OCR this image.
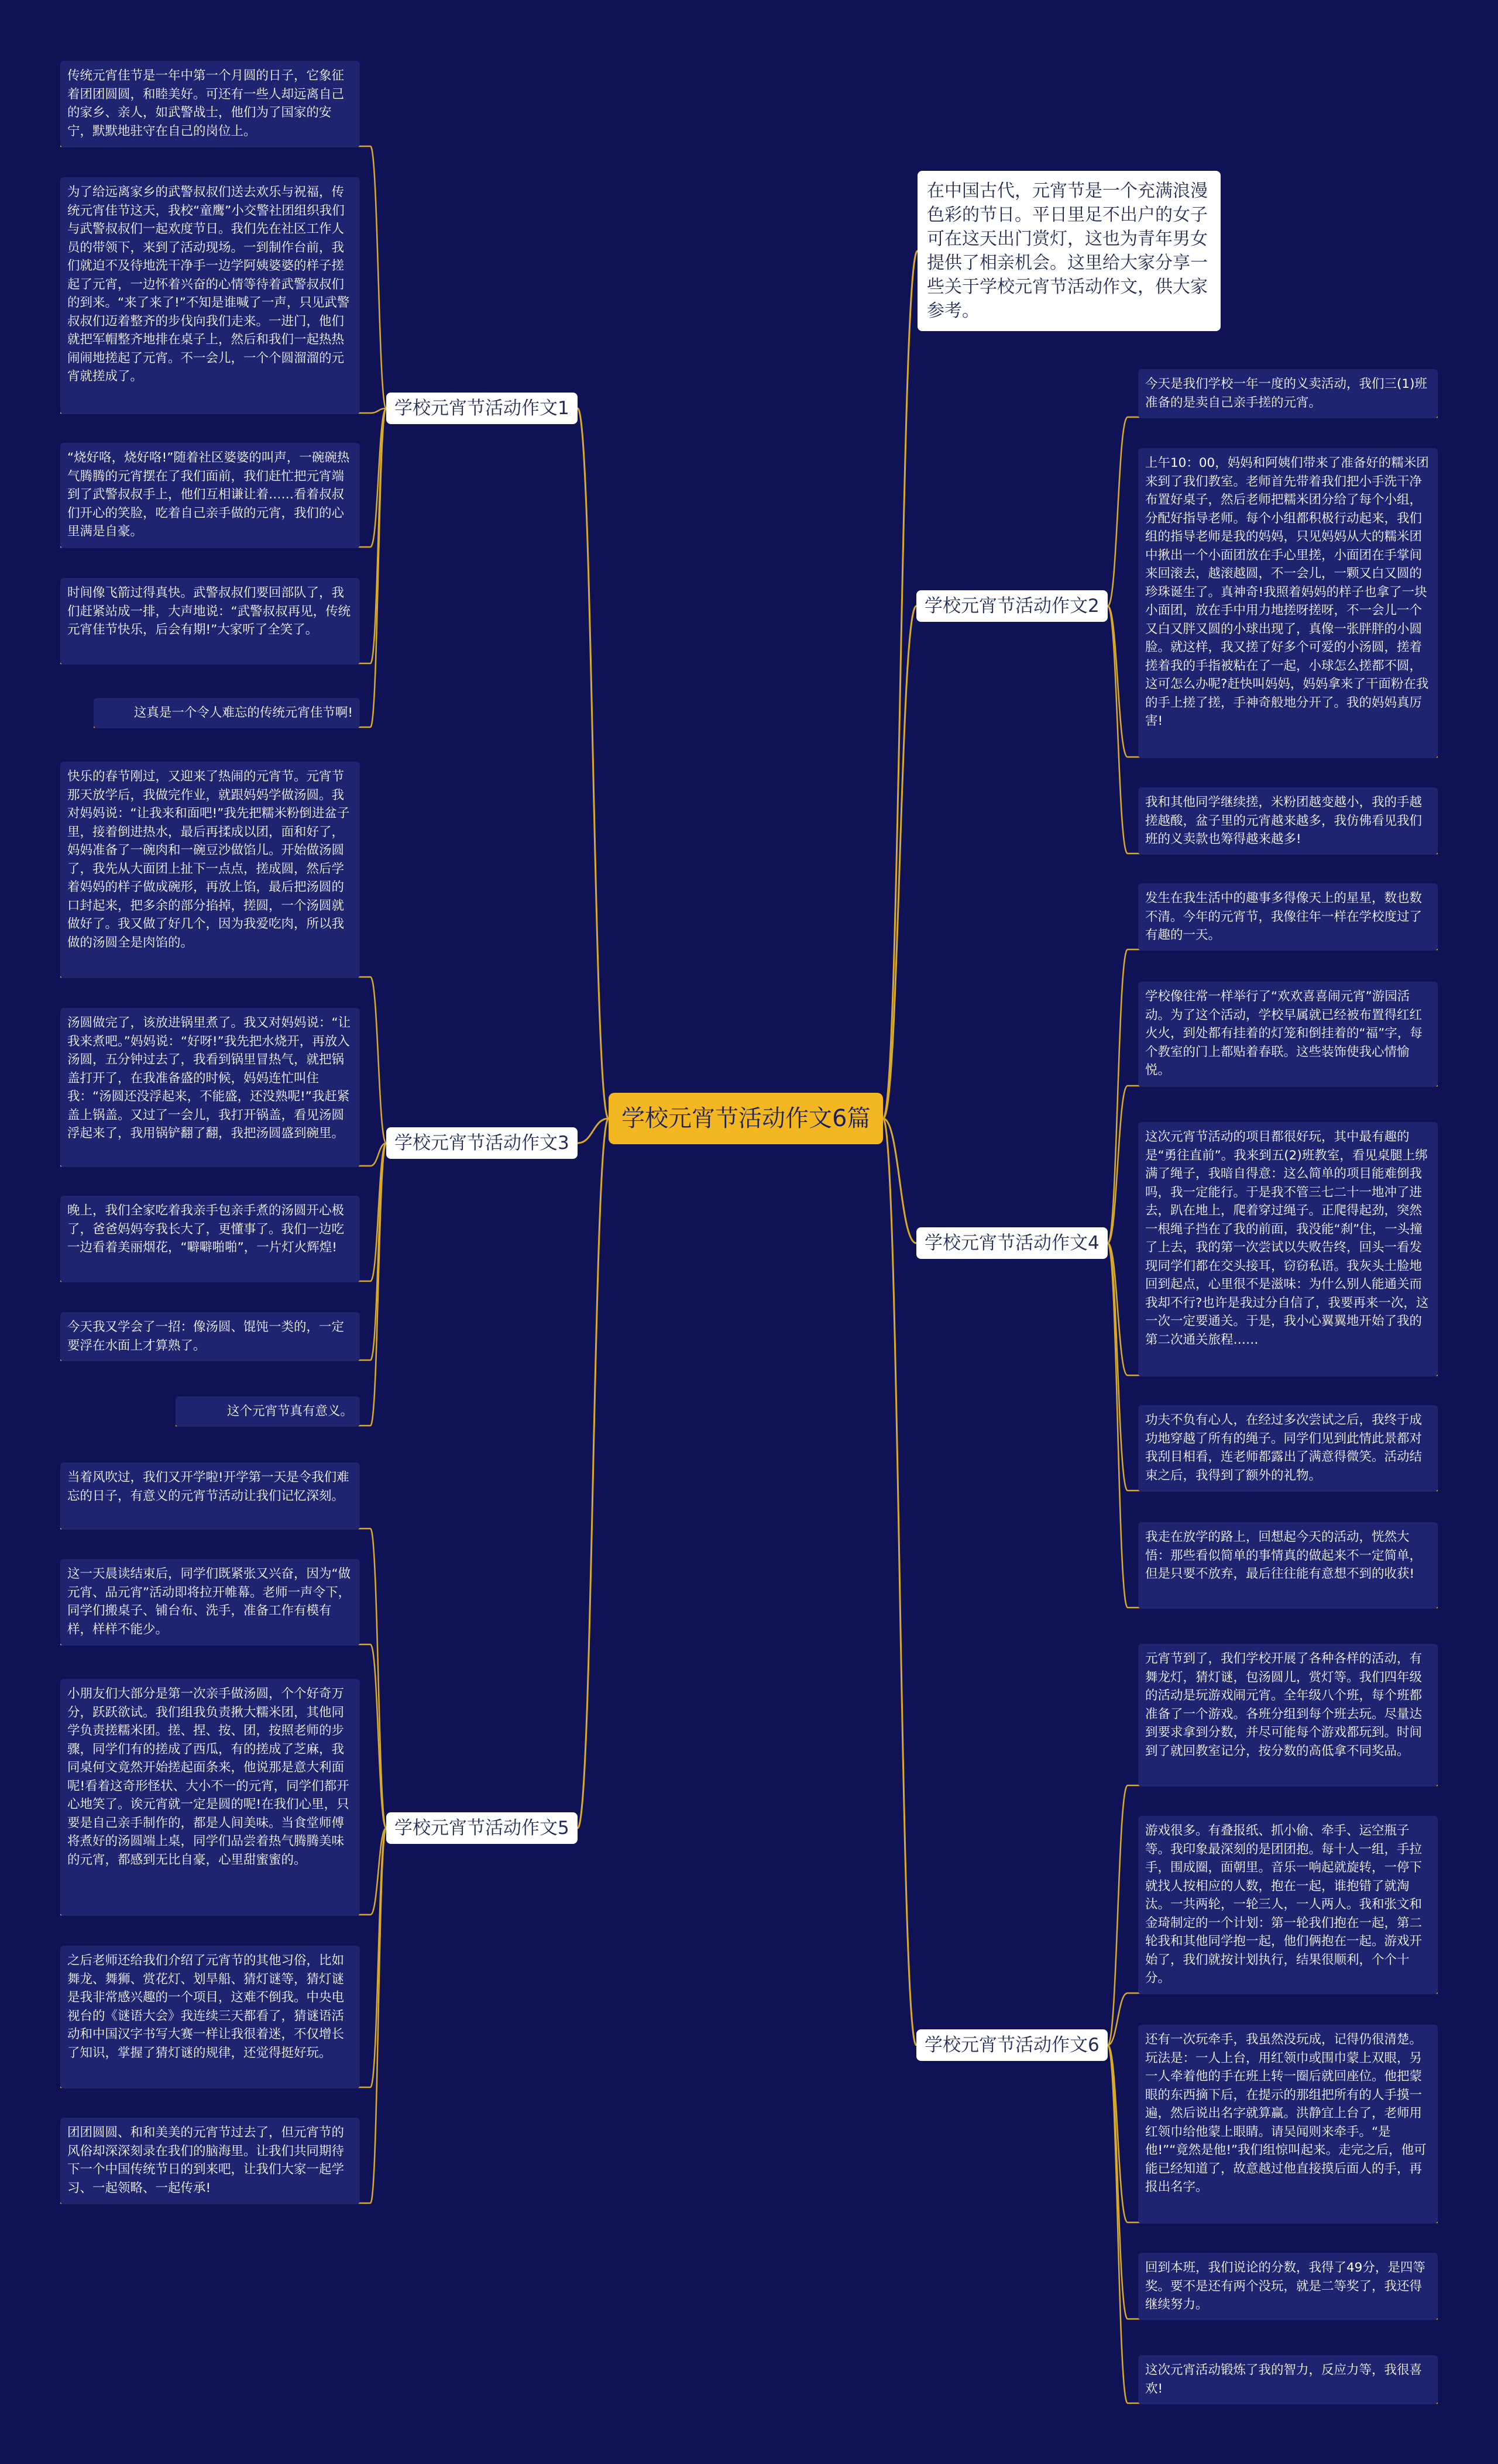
学校元宵节活动作文6篇
在中国古代，元宵节是一个充满浪漫色彩的节日。平日里足不出户的女子可在这天出门赏灯，这也为青年男女提供了相亲机会。这里给大家分享一些关于学校元宵节活动作文，供大家参考。
学校元宵节活动作文1
学校元宵节活动作文2
学校元宵节活动作文3
学校元宵节活动作文4
学校元宵节活动作文5
学校元宵节活动作文6
传统元宵佳节是一年中第一个月圆的日子，它象征着团团圆圆，和睦美好。可还有一些人却远离自己的家乡、亲人，如武警战士，他们为了国家的安宁，默默地驻守在自己的岗位上。
为了给远离家乡的武警叔叔们送去欢乐与祝福，传统元宵佳节这天，我校“童鹰”小交警社团组织我们与武警叔叔们一起欢度节日。我们先在社区工作人员的带领下，来到了活动现场。一到制作台前，我们就迫不及待地洗干净手一边学阿姨婆婆的样子搓起了元宵，一边怀着兴奋的心情等待着武警叔叔们的到来。“来了来了!”不知是谁喊了一声，只见武警叔叔们迈着整齐的步伐向我们走来。一进门，他们就把军帽整齐地排在桌子上，然后和我们一起热热闹闹地搓起了元宵。不一会儿，一个个圆溜溜的元宵就搓成了。
“烧好咯，烧好咯!”随着社区婆婆的叫声，一碗碗热气腾腾的元宵摆在了我们面前，我们赶忙把元宵端到了武警叔叔手上，他们互相谦让着……看着叔叔们开心的笑脸，吃着自己亲手做的元宵，我们的心里满是自豪。
时间像飞箭过得真快。武警叔叔们要回部队了，我们赶紧站成一排，大声地说：“武警叔叔再见，传统元宵佳节快乐，后会有期!”大家听了全笑了。
这真是一个令人难忘的传统元宵佳节啊!
今天是我们学校一年一度的义卖活动，我们三(1)班准备的是卖自己亲手搓的元宵。
上午10：00，妈妈和阿姨们带来了准备好的糯米团来到了我们教室。老师首先带着我们把小手洗干净布置好桌子，然后老师把糯米团分给了每个小组，分配好指导老师。每个小组都积极行动起来，我们组的指导老师是我的妈妈，只见妈妈从大的糯米团中揪出一个小面团放在手心里搓，小面团在手掌间来回滚去，越滚越圆，不一会儿，一颗又白又圆的珍珠诞生了。真神奇!我照着妈妈的样子也拿了一块小面团，放在手中用力地搓呀搓呀，不一会儿一个又白又胖又圆的小球出现了，真像一张胖胖的小圆脸。就这样，我又搓了好多个可爱的小汤圆，搓着搓着我的手指被粘在了一起，小球怎么搓都不圆，这可怎么办呢?赶快叫妈妈，妈妈拿来了干面粉在我的手上搓了搓，手神奇般地分开了。我的妈妈真厉害!
我和其他同学继续搓，米粉团越变越小，我的手越搓越酸，盆子里的元宵越来越多，我仿佛看见我们班的义卖款也筹得越来越多!
快乐的春节刚过，又迎来了热闹的元宵节。元宵节那天放学后，我做完作业，就跟妈妈学做汤圆。我对妈妈说：“让我来和面吧!”我先把糯米粉倒进盆子里，接着倒进热水，最后再揉成以团，面和好了，妈妈准备了一碗肉和一碗豆沙做馅儿。开始做汤圆了，我先从大面团上扯下一点点，搓成圆，然后学着妈妈的样子做成碗形，再放上馅，最后把汤圆的口封起来，把多余的部分掐掉，搓圆，一个汤圆就做好了。我又做了好几个，因为我爱吃肉，所以我做的汤圆全是肉馅的。
汤圆做完了，该放进锅里煮了。我又对妈妈说：“让我来煮吧。”妈妈说：“好呀!”我先把水烧开，再放入汤圆，五分钟过去了，我看到锅里冒热气，就把锅盖打开了，在我准备盛的时候，妈妈连忙叫住我：“汤圆还没浮起来，不能盛，还没熟呢!”我赶紧盖上锅盖。又过了一会儿，我打开锅盖，看见汤圆浮起来了，我用锅铲翻了翻，我把汤圆盛到碗里。
晚上，我们全家吃着我亲手包亲手煮的汤圆开心极了，爸爸妈妈夸我长大了，更懂事了。我们一边吃一边看着美丽烟花，“噼噼啪啪”，一片灯火辉煌!
今天我又学会了一招：像汤圆、馄饨一类的，一定要浮在水面上才算熟了。
这个元宵节真有意义。
发生在我生活中的趣事多得像天上的星星，数也数不清。今年的元宵节，我像往年一样在学校度过了有趣的一天。
学校像往常一样举行了“欢欢喜喜闹元宵”游园活动。为了这个活动，学校早属就已经被布置得红红火火，到处都有挂着的灯笼和倒挂着的“福”字，每个教室的门上都贴着春联。这些装饰使我心情愉悦。
这次元宵节活动的项目都很好玩，其中最有趣的是“勇往直前”。我来到五(2)班教室，看见桌腿上绑满了绳子，我暗自得意：这么简单的项目能难倒我吗，我一定能行。于是我不管三七二十一地冲了进去，趴在地上，爬着穿过绳子。正爬得起劲，突然一根绳子挡在了我的前面，我没能“刹”住，一头撞了上去，我的第一次尝试以失败告终，回头一看发现同学们都在交头接耳，窃窃私语。我灰头土脸地回到起点，心里很不是滋味：为什么别人能通关而我却不行?也许是我过分自信了，我要再来一次，这一次一定要通关。于是，我小心翼翼地开始了我的第二次通关旅程……
功夫不负有心人，在经过多次尝试之后，我终于成功地穿越了所有的绳子。同学们见到此情此景都对我刮目相看，连老师都露出了满意得微笑。活动结束之后，我得到了额外的礼物。
我走在放学的路上，回想起今天的活动，恍然大悟：那些看似简单的事情真的做起来不一定简单，但是只要不放弃，最后往往能有意想不到的收获!
当着风吹过，我们又开学啦!开学第一天是令我们难忘的日子，有意义的元宵节活动让我们记忆深刻。
这一天晨读结束后，同学们既紧张又兴奋，因为“做元宵、品元宵”活动即将拉开帷幕。老师一声令下，同学们搬桌子、铺台布、洗手，准备工作有模有样，样样不能少。
小朋友们大部分是第一次亲手做汤圆，个个好奇万分，跃跃欲试。我们组我负责揪大糯米团，其他同学负责搓糯米团。搓、捏、按、团，按照老师的步骤，同学们有的搓成了西瓜，有的搓成了芝麻，我同桌何文竟然开始搓起面条来，他说那是意大利面呢!看着这奇形怪状、大小不一的元宵，同学们都开心地笑了。诶元宵就一定是圆的呢!在我们心里，只要是自己亲手制作的，都是人间美味。当食堂师傅将煮好的汤圆端上桌，同学们品尝着热气腾腾美味的元宵，都感到无比自豪，心里甜蜜蜜的。
之后老师还给我们介绍了元宵节的其他习俗，比如舞龙、舞狮、赏花灯、划旱船、猜灯谜等，猜灯谜是我非常感兴趣的一个项目，这难不倒我。中央电视台的《谜语大会》我连续三天都看了，猜谜语活动和中国汉字书写大赛一样让我很着迷，不仅增长了知识，掌握了猜灯谜的规律，还觉得挺好玩。
团团圆圆、和和美美的元宵节过去了，但元宵节的风俗却深深刻录在我们的脑海里。让我们共同期待下一个中国传统节日的到来吧，让我们大家一起学习、一起领略、一起传承!
元宵节到了，我们学校开展了各种各样的活动，有舞龙灯，猜灯谜，包汤圆儿，赏灯等。我们四年级的活动是玩游戏闹元宵。全年级八个班，每个班都准备了一个游戏。各班分组到每个班去玩。尽量达到要求拿到分数，并尽可能每个游戏都玩到。时间到了就回教室记分，按分数的高低拿不同奖品。
游戏很多。有叠报纸、抓小偷、牵手、运空瓶子等。我印象最深刻的是团团抱。每十人一组，手拉手，围成圈，面朝里。音乐一响起就旋转，一停下就找人按相应的人数，抱在一起，谁抱错了就淘汰。一共两轮，一轮三人，一人两人。我和张文和金琦制定的一个计划：第一轮我们抱在一起，第二轮我和其他同学抱一起，他们俩抱在一起。游戏开始了，我们就按计划执行，结果很顺利，个个十分。
还有一次玩牵手，我虽然没玩成，记得仍很清楚。玩法是：一人上台，用红领巾或围巾蒙上双眼，另一人牵着他的手在班上转一圈后就回座位。他把蒙眼的东西摘下后，在提示的那组把所有的人手摸一遍，然后说出名字就算赢。洪静宜上台了，老师用红领巾给他蒙上眼睛。请吴闻则来牵手。“是他!”“竟然是他!”我们组惊叫起来。走完之后，他可能已经知道了，故意越过他直接摸后面人的手，再报出名字。
回到本班，我们说论的分数，我得了49分，是四等奖。要不是还有两个没玩，就是二等奖了，我还得继续努力。
这次元宵活动锻炼了我的智力，反应力等，我很喜欢!
